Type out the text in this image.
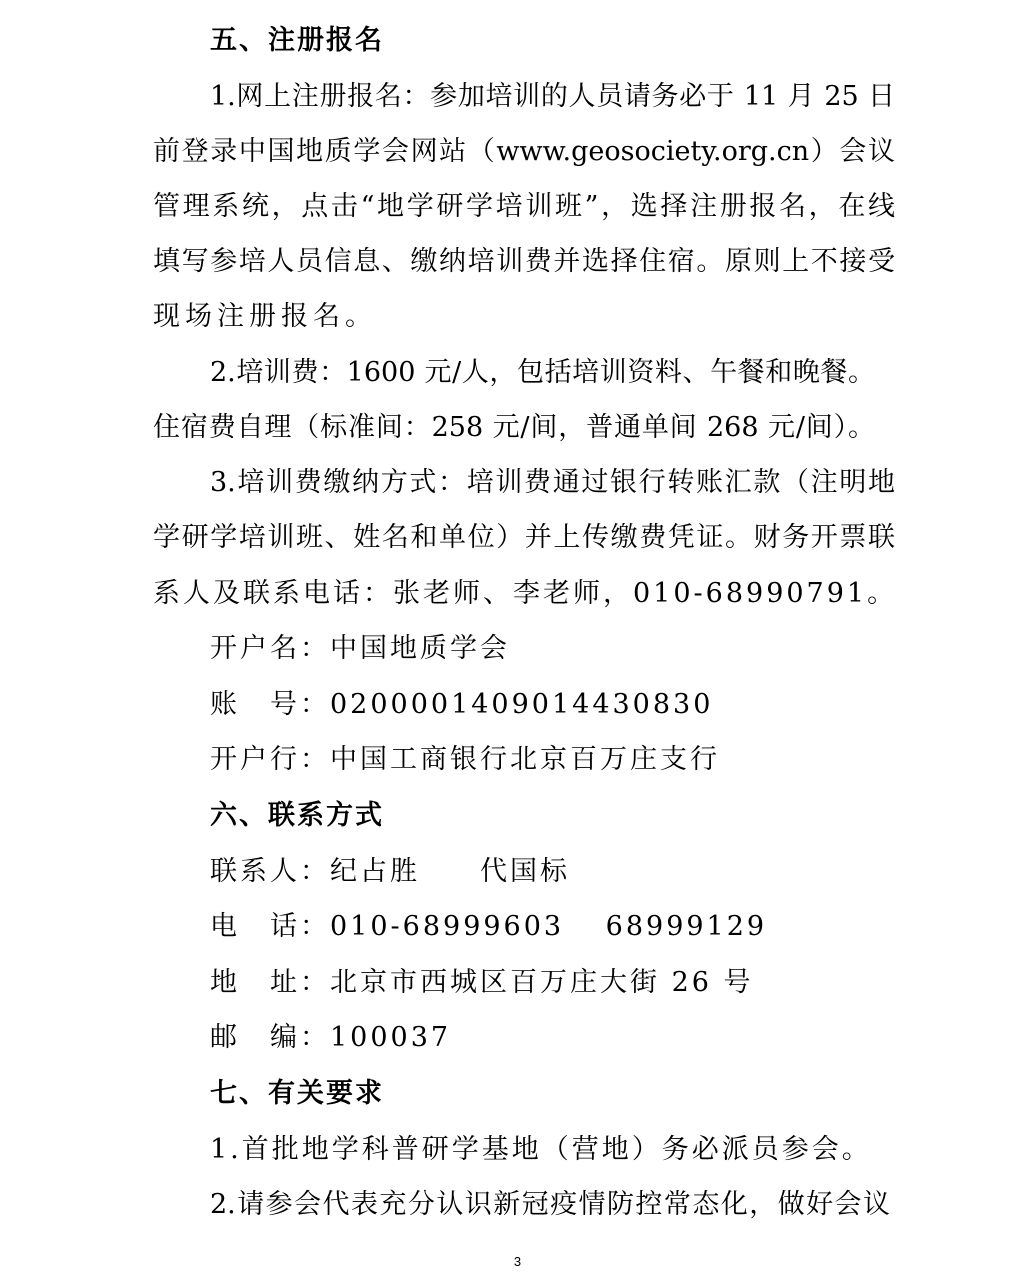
五、注册报名
1.网上注册报名：参加培训的人员请务必于 11 月 25 日
前登录中国地质学会网站（www.geosociety.org.cn）会议
管理系统，点击“地学研学培训班”，选择注册报名，在线
填写参培人员信息、缴纳培训费并选择住宿。原则上不接受
现场注册报名。
2.培训费：1600 元/人，包括培训资料、午餐和晚餐。
住宿费自理（标准间：258 元/间，普通单间 268 元/间）。
3.培训费缴纳方式：培训费通过银行转账汇款（注明地
学研学培训班、姓名和单位）并上传缴费凭证。财务开票联
系人及联系电话：张老师、李老师，010-68990791。
开户名：中国地质学会
账　号：0200001409014430830
开户行：中国工商银行北京百万庄支行
六、联系方式
联系人：纪占胜　　代国标
电　话：010-68999603　 68999129
地　址：北京市西城区百万庄大街 26 号
邮　编：100037
七、有关要求
1.首批地学科普研学基地（营地）务必派员参会。
2.请参会代表充分认识新冠疫情防控常态化，做好会议
3
